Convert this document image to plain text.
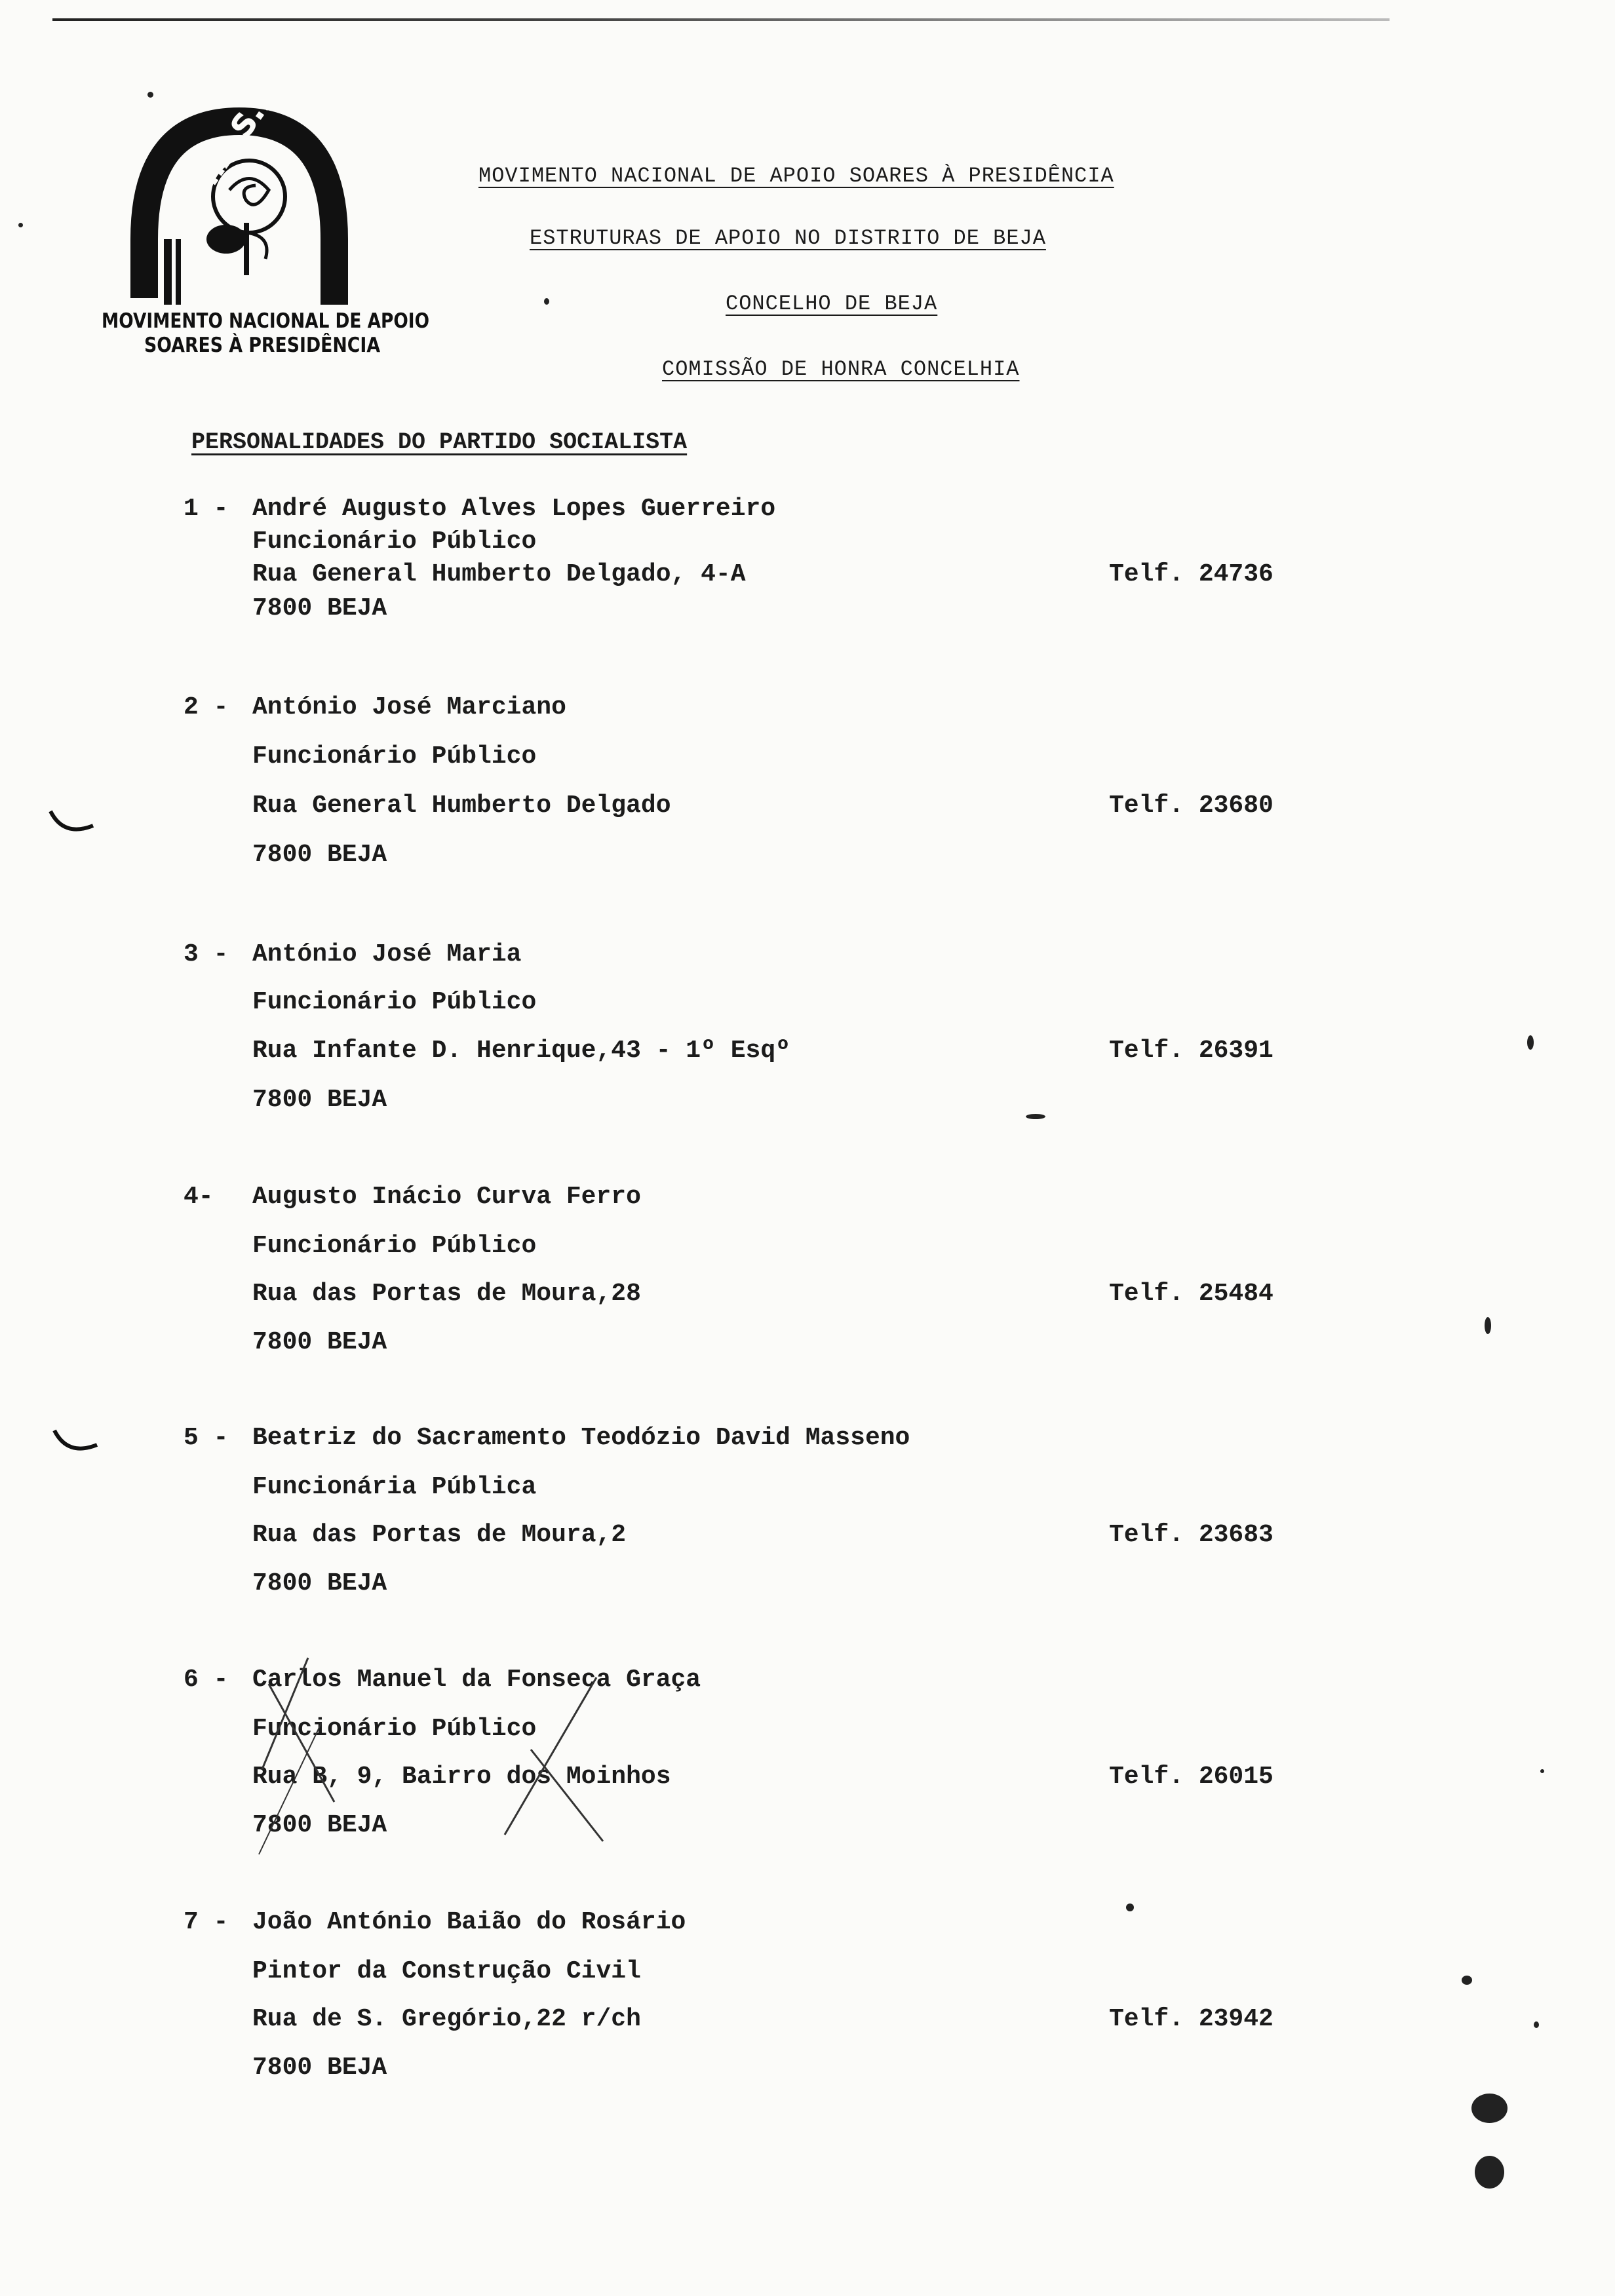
M.A.S.P.
MOVIMENTO NACIONAL DE APOIO
SOARES À PRESIDÊNCIA
MOVIMENTO NACIONAL DE APOIO SOARES À PRESIDÊNCIA
ESTRUTURAS DE APOIO NO DISTRITO DE BEJA
CONCELHO DE BEJA
COMISSÃO DE HONRA CONCELHIA
PERSONALIDADES DO PARTIDO SOCIALISTA
1 - André Augusto Alves Lopes Guerreiro
Funcionário Público
Rua General Humberto Delgado, 4-A	Telf. 24736
7800 BEJA
2 - António José Marciano
Funcionário Público
Rua General Humberto Delgado	Telf. 23680
7800 BEJA
3 - António José Maria
Funcionário Público
Rua Infante D. Henrique,43 - 1º Esqº	Telf. 26391
7800 BEJA
4- Augusto Inácio Curva Ferro
Funcionário Público
Rua das Portas de Moura,28	Telf. 25484
7800 BEJA
5 - Beatriz do Sacramento Teodózio David Masseno
Funcionária Pública
Rua das Portas de Moura,2	Telf. 23683
7800 BEJA
6 - Carlos Manuel da Fonseca Graça
Funcionário Público
Rua B, 9, Bairro dos Moinhos	Telf. 26015
7800 BEJA
7 - João António Baião do Rosário
Pintor da Construção Civil
Rua de S. Gregório,22 r/ch	Telf. 23942
7800 BEJA
